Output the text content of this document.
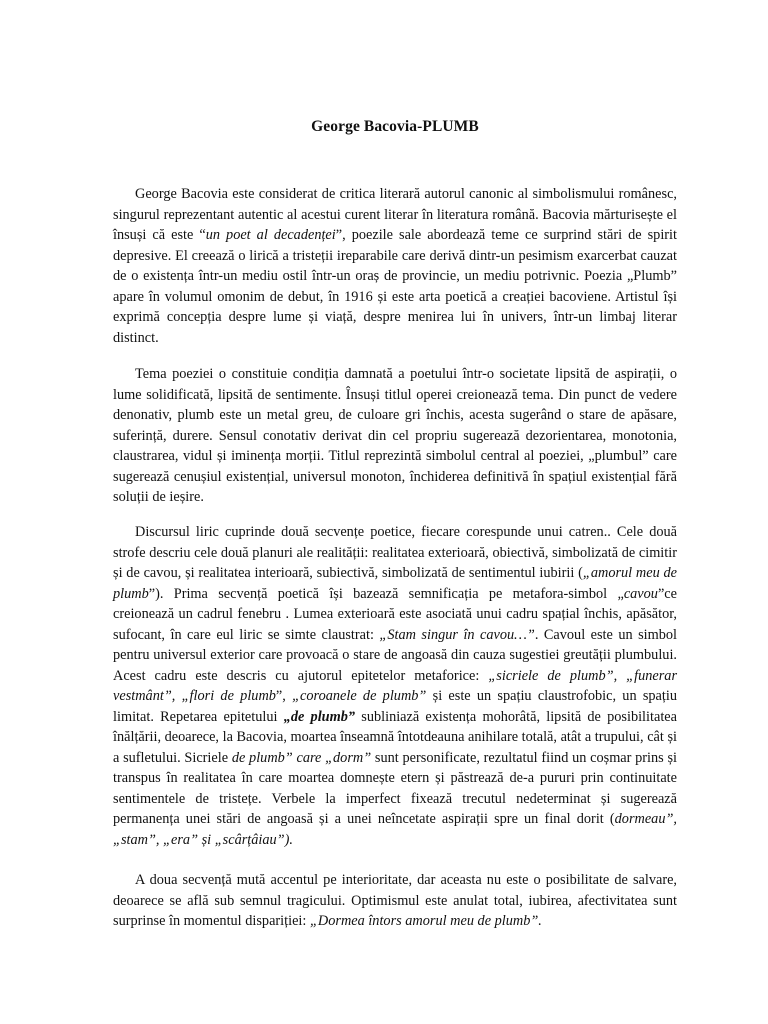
George Bacovia-PLUMB

George Bacovia este considerat de critica literară autorul canonic al simbolismului românesc, singurul reprezentant autentic al acestui curent literar în literatura română. Bacovia mărturisește el însuși că este “un poet al decadenței”, poezile sale abordează teme ce surprind stări de spirit depresive. El creează o lirică a tristeții ireparabile care derivă dintr-un pesimism exarcerbat cauzat de o existența într-un mediu ostil într-un oraș de provincie, un mediu potrivnic. Poezia „Plumb” apare în volumul omonim de debut, în 1916 și este arta poetică a creației bacoviene. Artistul își exprimă concepția despre lume și viață, despre menirea lui în univers, într-un limbaj literar distinct.

Tema poeziei o constituie condiția damnată a poetului într-o societate lipsită de aspirații, o lume solidificată, lipsită de sentimente. Însuși titlul operei creionează tema. Din punct de vedere denonativ, plumb este un metal greu, de culoare gri închis, acesta sugerând o stare de apăsare, suferință, durere. Sensul conotativ derivat din cel propriu sugerează dezorientarea, monotonia, claustrarea, vidul și iminența morții. Titlul reprezintă simbolul central al poeziei, „plumbul” care sugerează cenușiul existențial, universul monoton, închiderea definitivă în spațiul existențial fără soluții de ieșire.

Discursul liric cuprinde două secvențe poetice, fiecare corespunde unui catren.. Cele două strofe descriu cele două planuri ale realității: realitatea exterioară, obiectivă, simbolizată de cimitir și de cavou, și realitatea interioară, subiectivă, simbolizată de sentimentul iubirii („amorul meu de plumb”). Prima secvență poetică își bazează semnificația pe metafora-simbol „cavou”ce creionează un cadrul fenebru . Lumea exterioară este asociată unui cadru spațial închis, apăsător, sufocant, în care eul liric se simte claustrat: „Stam singur în cavou…”. Cavoul este un simbol pentru universul exterior care provoacă o stare de angoasă din cauza sugestiei greutății plumbului. Acest cadru este descris cu ajutorul epitetelor metaforice: „sicriele de plumb”, „funerar vestmânt”, „flori de plumb”, „coroanele de plumb” și este un spațiu claustrofobic, un spațiu limitat. Repetarea epitetului „de plumb” subliniază existența mohorâtă, lipsită de posibilitatea înălțării, deoarece, la Bacovia, moartea înseamnă întotdeauna anihilare totală, atât a trupului, cât și a sufletului. Sicriele de plumb” care „dorm” sunt personificate, rezultatul fiind un coșmar prins și transpus în realitatea în care moartea domnește etern și păstrează de-a pururi prin continuitate sentimentele de tristețe. Verbele la imperfect fixează trecutul nedeterminat și sugerează permanența unei stări de angoasă și a unei neîncetate aspirații spre un final dorit (dormeau”, „stam”, „era” și „scârțâiau”).

A doua secvență mută accentul pe interioritate, dar aceasta nu este o posibilitate de salvare, deoarece se află sub semnul tragicului. Optimismul este anulat total, iubirea, afectivitatea sunt surprinse în momentul dispariției: „Dormea întors amorul meu de plumb”.
